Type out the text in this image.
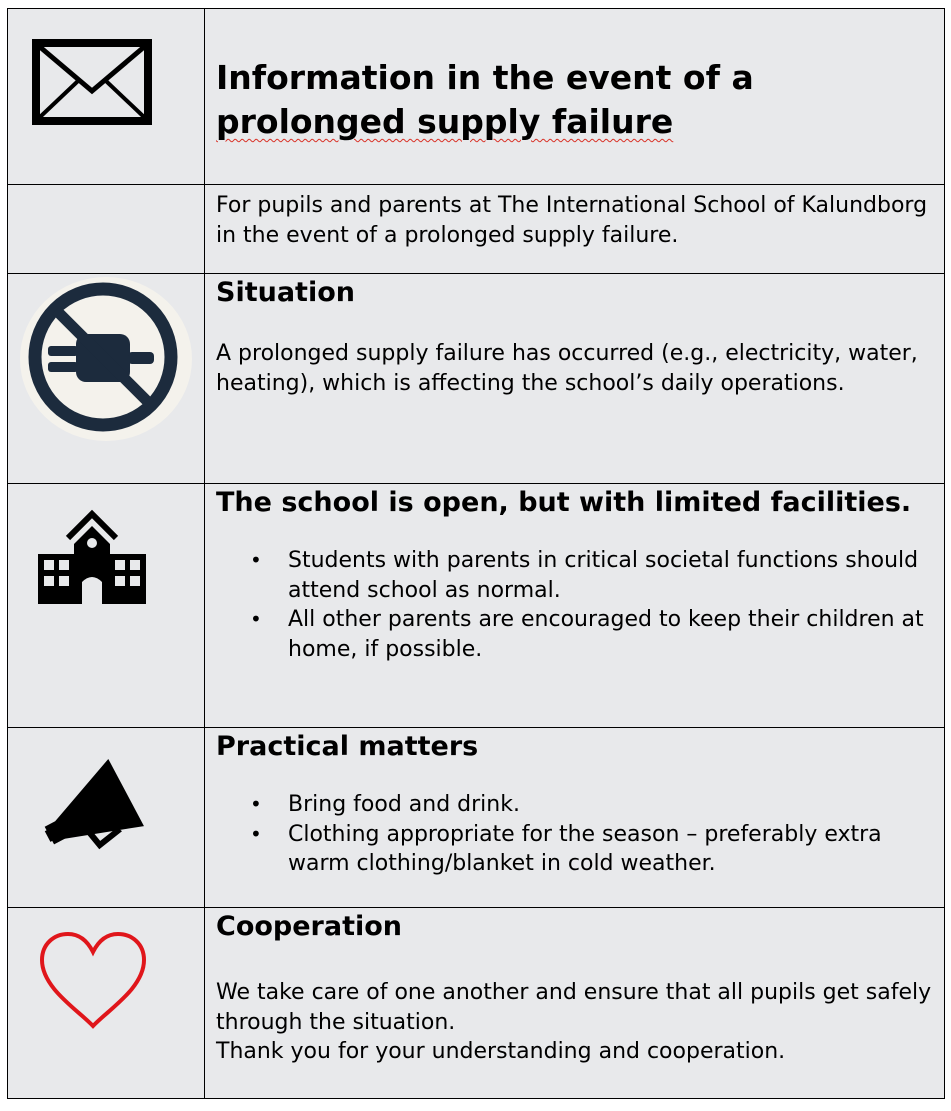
Information in the event of a
prolonged supply failure

For pupils and parents at The International School of Kalundborg in the event of a prolonged supply failure.

Situation

A prolonged supply failure has occurred (e.g., electricity, water, heating), which is affecting the school’s daily operations.

The school is open, but with limited facilities.

• Students with parents in critical societal functions should attend school as normal.
• All other parents are encouraged to keep their children at home, if possible.

Practical matters

• Bring food and drink.
• Clothing appropriate for the season – preferably extra warm clothing/blanket in cold weather.

Cooperation

We take care of one another and ensure that all pupils get safely through the situation.

Thank you for your understanding and cooperation.
